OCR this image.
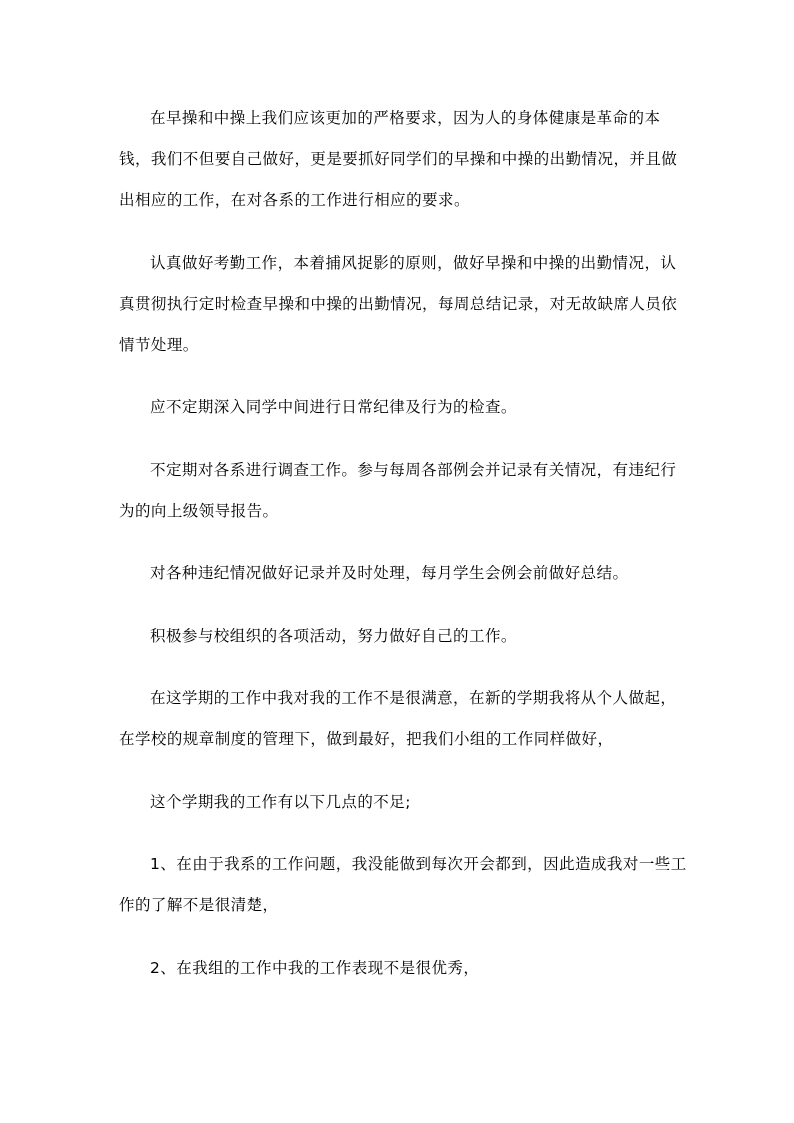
在早操和中操上我们应该更加的严格要求，因为人的身体健康是革命的本钱，我们不但要自己做好，更是要抓好同学们的早操和中操的出勤情况，并且做出相应的工作，在对各系的工作进行相应的要求。

认真做好考勤工作，本着捕风捉影的原则，做好早操和中操的出勤情况，认真贯彻执行定时检查早操和中操的出勤情况，每周总结记录，对无故缺席人员依情节处理。

应不定期深入同学中间进行日常纪律及行为的检查。

不定期对各系进行调查工作。参与每周各部例会并记录有关情况，有违纪行为的向上级领导报告。

对各种违纪情况做好记录并及时处理，每月学生会例会前做好总结。

积极参与校组织的各项活动，努力做好自己的工作。

在这学期的工作中我对我的工作不是很满意，在新的学期我将从个人做起，在学校的规章制度的管理下，做到最好，把我们小组的工作同样做好，

这个学期我的工作有以下几点的不足;

1、在由于我系的工作问题，我没能做到每次开会都到，因此造成我对一些工作的了解不是很清楚，

2、在我组的工作中我的工作表现不是很优秀，
